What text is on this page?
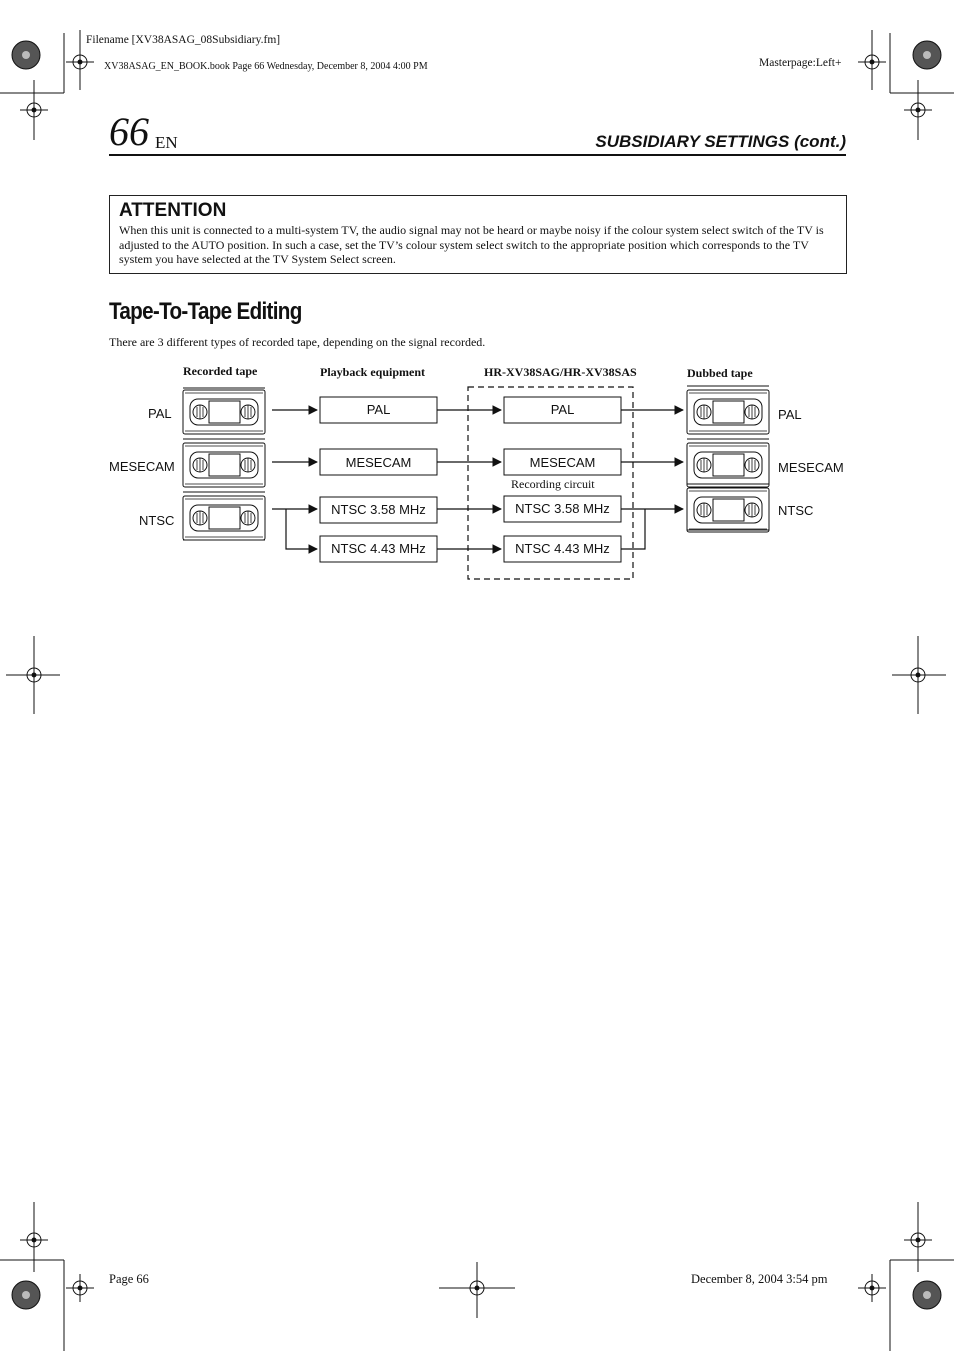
Filename [XV38ASAG_08Subsidiary.fm]
XV38ASAG_EN_BOOK.book Page 66 Wednesday, December 8, 2004 4:00 PM	Masterpage:Left+
66 EN	SUBSIDIARY SETTINGS (cont.)
ATTENTION
When this unit is connected to a multi-system TV, the audio signal may not be heard or maybe noisy if the colour system select switch of the TV is adjusted to the AUTO position. In such a case, set the TV’s colour system select switch to the appropriate position which corresponds to the TV system you have selected at the TV System Select screen.
Tape-To-Tape Editing
There are 3 different types of recorded tape, depending on the signal recorded.
Recorded tape	Playback equipment	HR-XV38SAG/HR-XV38SAS	Dubbed tape
PAL
MESECAM
NTSC
PAL
MESECAM
NTSC
PAL
MESECAM
NTSC 3.58 MHz
NTSC 4.43 MHz
PAL
MESECAM
NTSC 3.58 MHz
NTSC 4.43 MHz
Recording circuit
Page 66	December 8, 2004 3:54 pm
